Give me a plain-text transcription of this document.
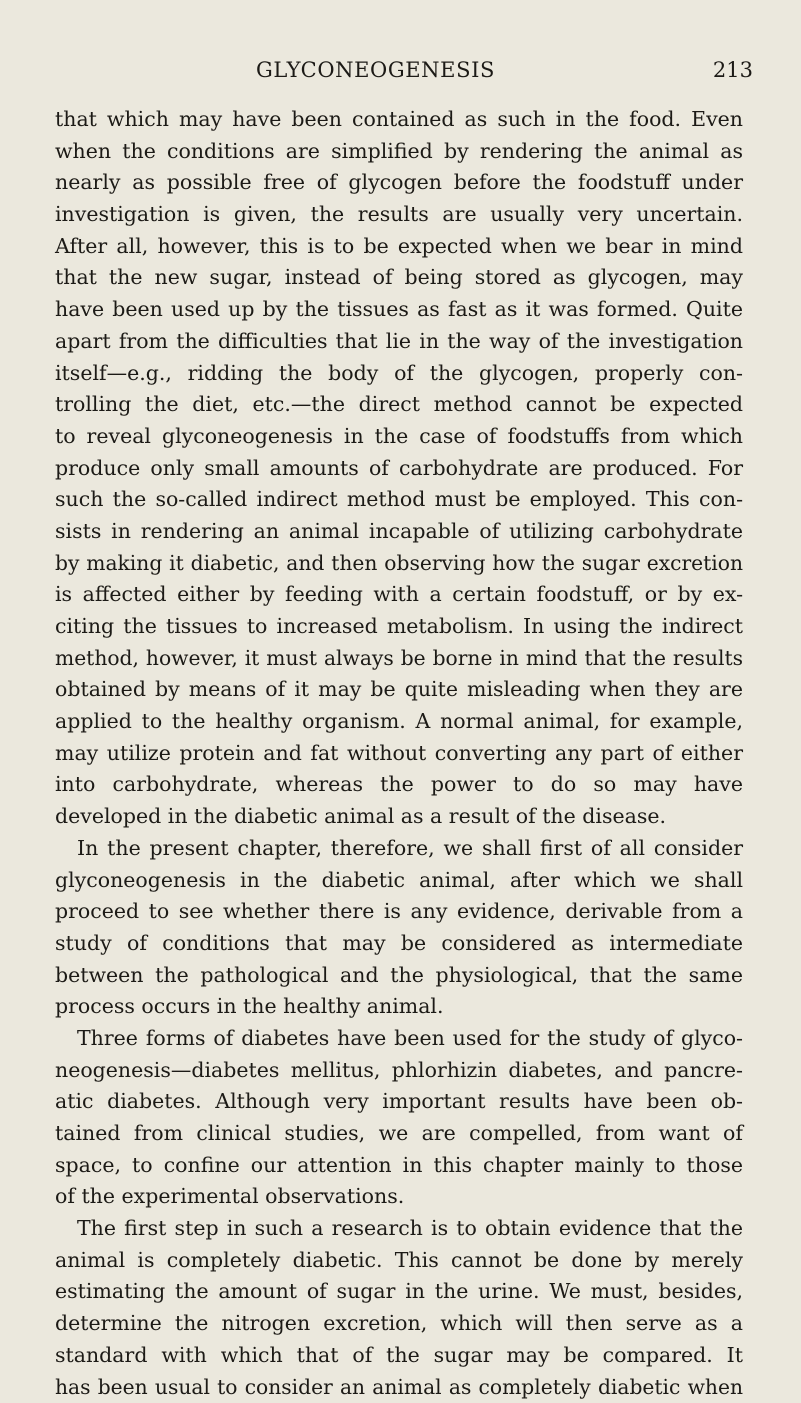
GLYCONEOGENESIS	213
that which may have been contained as such in the food. Even
when the conditions are simplified by rendering the animal as
nearly as possible free of glycogen before the foodstuff under
investigation is given, the results are usually very uncertain.
After all, however, this is to be expected when we bear in mind
that the new sugar, instead of being stored as glycogen, may
have been used up by the tissues as fast as it was formed. Quite
apart from the difficulties that lie in the way of the investigation
itself—e.g., ridding the body of the glycogen, properly con-
trolling the diet, etc.—the direct method cannot be expected
to reveal glyconeogenesis in the case of foodstuffs from which
produce only small amounts of carbohydrate are produced. For
such the so-called indirect method must be employed. This con-
sists in rendering an animal incapable of utilizing carbohydrate
by making it diabetic, and then observing how the sugar excretion
is affected either by feeding with a certain foodstuff, or by ex-
citing the tissues to increased metabolism. In using the indirect
method, however, it must always be borne in mind that the results
obtained by means of it may be quite misleading when they are
applied to the healthy organism. A normal animal, for example,
may utilize protein and fat without converting any part of either
into carbohydrate, whereas the power to do so may have
developed in the diabetic animal as a result of the disease.
In the present chapter, therefore, we shall first of all consider
glyconeogenesis in the diabetic animal, after which we shall
proceed to see whether there is any evidence, derivable from a
study of conditions that may be considered as intermediate
between the pathological and the physiological, that the same
process occurs in the healthy animal.
Three forms of diabetes have been used for the study of glyco-
neogenesis—diabetes mellitus, phlorhizin diabetes, and pancre-
atic diabetes. Although very important results have been ob-
tained from clinical studies, we are compelled, from want of
space, to confine our attention in this chapter mainly to those
of the experimental observations.
The first step in such a research is to obtain evidence that the
animal is completely diabetic. This cannot be done by merely
estimating the amount of sugar in the urine. We must, besides,
determine the nitrogen excretion, which will then serve as a
standard with which that of the sugar may be compared. It
has been usual to consider an animal as completely diabetic when
